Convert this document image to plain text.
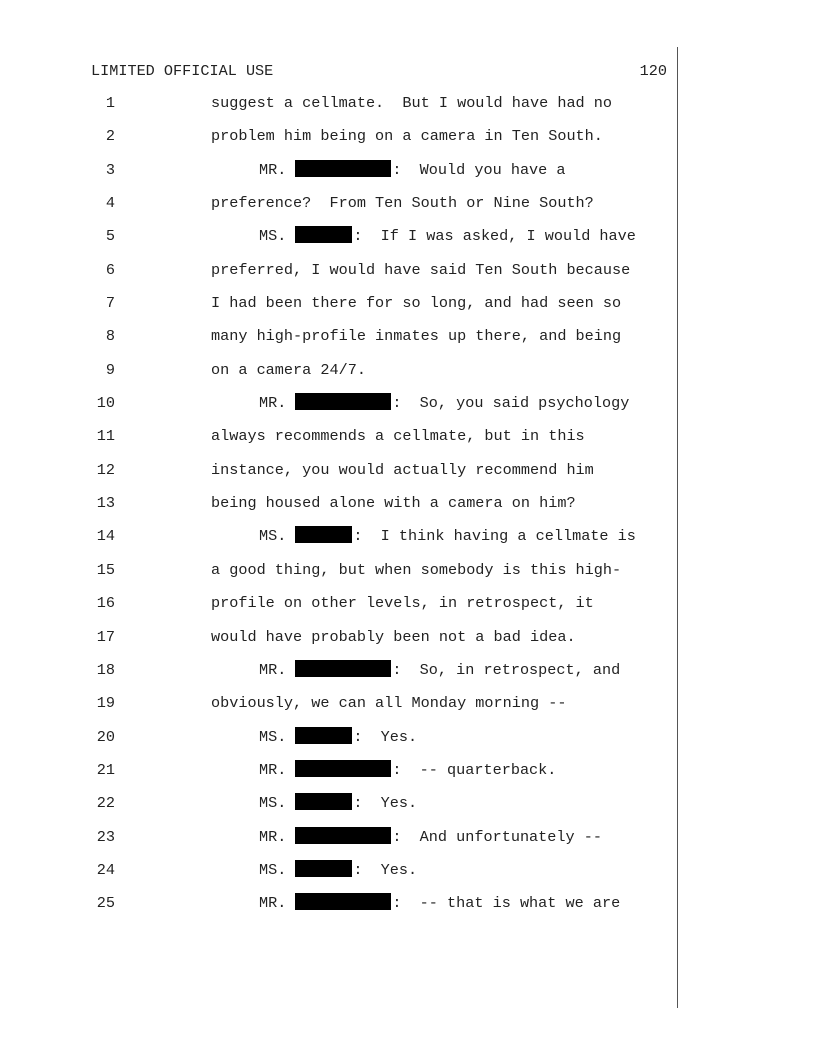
LIMITED OFFICIAL USE	120
1	suggest a cellmate.  But I would have had no
2	problem him being on a camera in Ten South.
3	MR.	:  Would you have a
4	preference?  From Ten South or Nine South?
5	MS.	:  If I was asked, I would have
6	preferred, I would have said Ten South because
7	I had been there for so long, and had seen so
8	many high-profile inmates up there, and being
9	on a camera 24/7.
10	MR.	:  So, you said psychology
11	always recommends a cellmate, but in this
12	instance, you would actually recommend him
13	being housed alone with a camera on him?
14	MS.	:  I think having a cellmate is
15	a good thing, but when somebody is this high-
16	profile on other levels, in retrospect, it
17	would have probably been not a bad idea.
18	MR.	:  So, in retrospect, and
19	obviously, we can all Monday morning --
20	MS.	:  Yes.
21	MR.	:  -- quarterback.
22	MS.	:  Yes.
23	MR.	:  And unfortunately --
24	MS.	:  Yes.
25	MR.	:  -- that is what we are
